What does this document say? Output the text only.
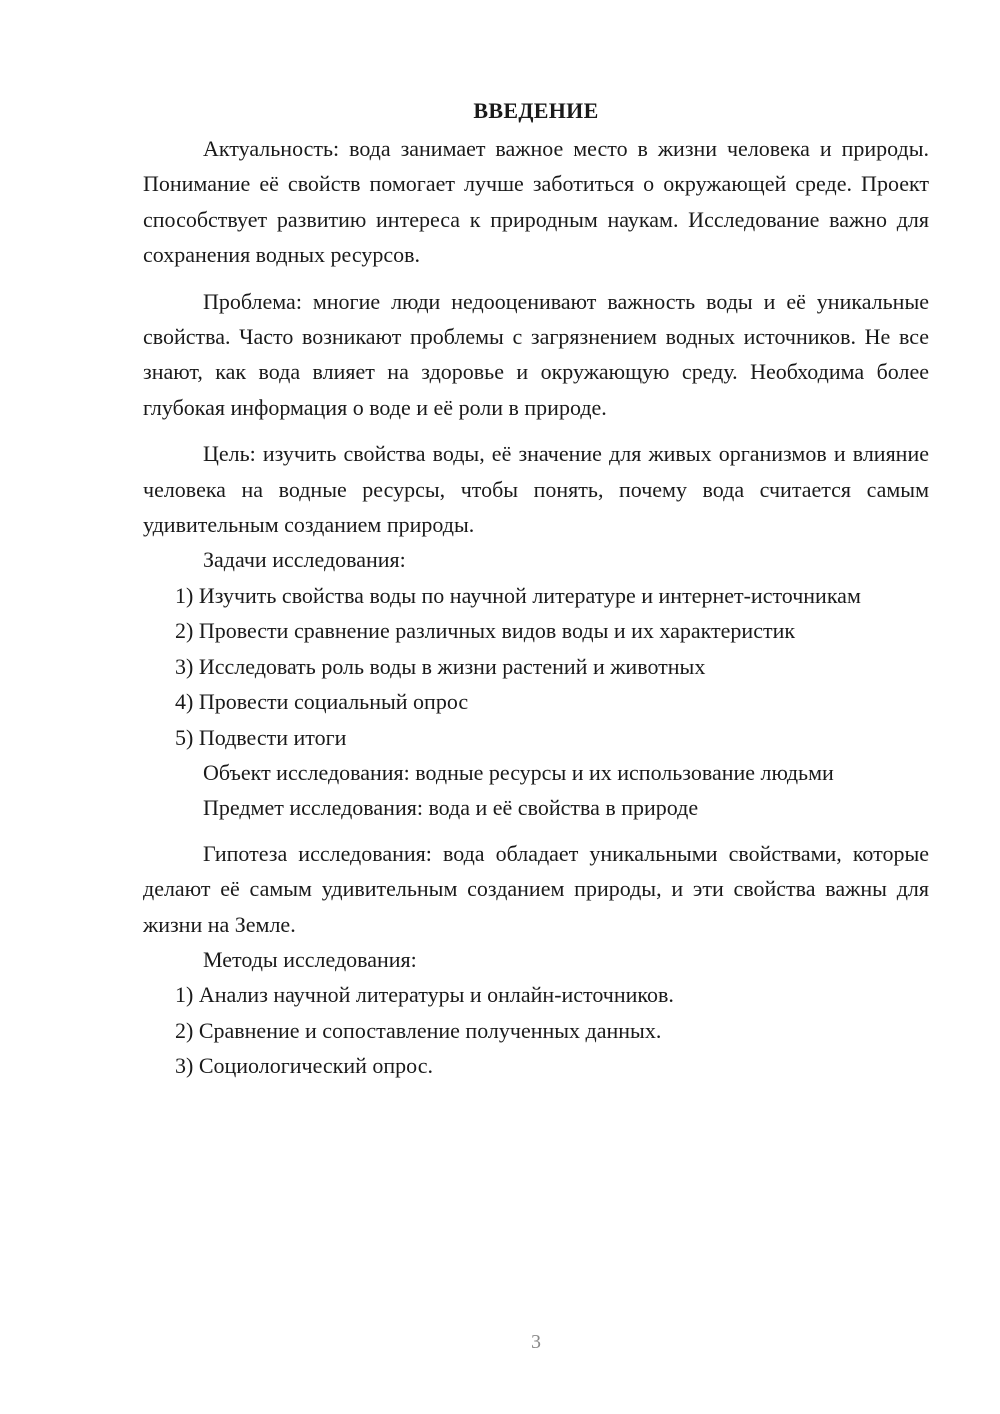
ВВЕДЕНИЕ

Актуальность: вода занимает важное место в жизни человека и природы. Понимание её свойств помогает лучше заботиться о окружающей среде. Проект способствует развитию интереса к природным наукам. Исследование важно для сохранения водных ресурсов.

Проблема: многие люди недооценивают важность воды и её уникальные свойства. Часто возникают проблемы с загрязнением водных источников. Не все знают, как вода влияет на здоровье и окружающую среду. Необходима более глубокая информация о воде и её роли в природе.

Цель: изучить свойства воды, её значение для живых организмов и влияние человека на водные ресурсы, чтобы понять, почему вода считается самым удивительным созданием природы.

Задачи исследования:

1) Изучить свойства воды по научной литературе и интернет-источникам

2) Провести сравнение различных видов воды и их характеристик

3) Исследовать роль воды в жизни растений и животных

4) Провести социальный опрос

5) Подвести итоги

Объект исследования: водные ресурсы и их использование людьми

Предмет исследования: вода и её свойства в природе

Гипотеза исследования: вода обладает уникальными свойствами, которые делают её самым удивительным созданием природы, и эти свойства важны для жизни на Земле.

Методы исследования:

1) Анализ научной литературы и онлайн-источников.

2) Сравнение и сопоставление полученных данных.

3) Социологический опрос.

3
